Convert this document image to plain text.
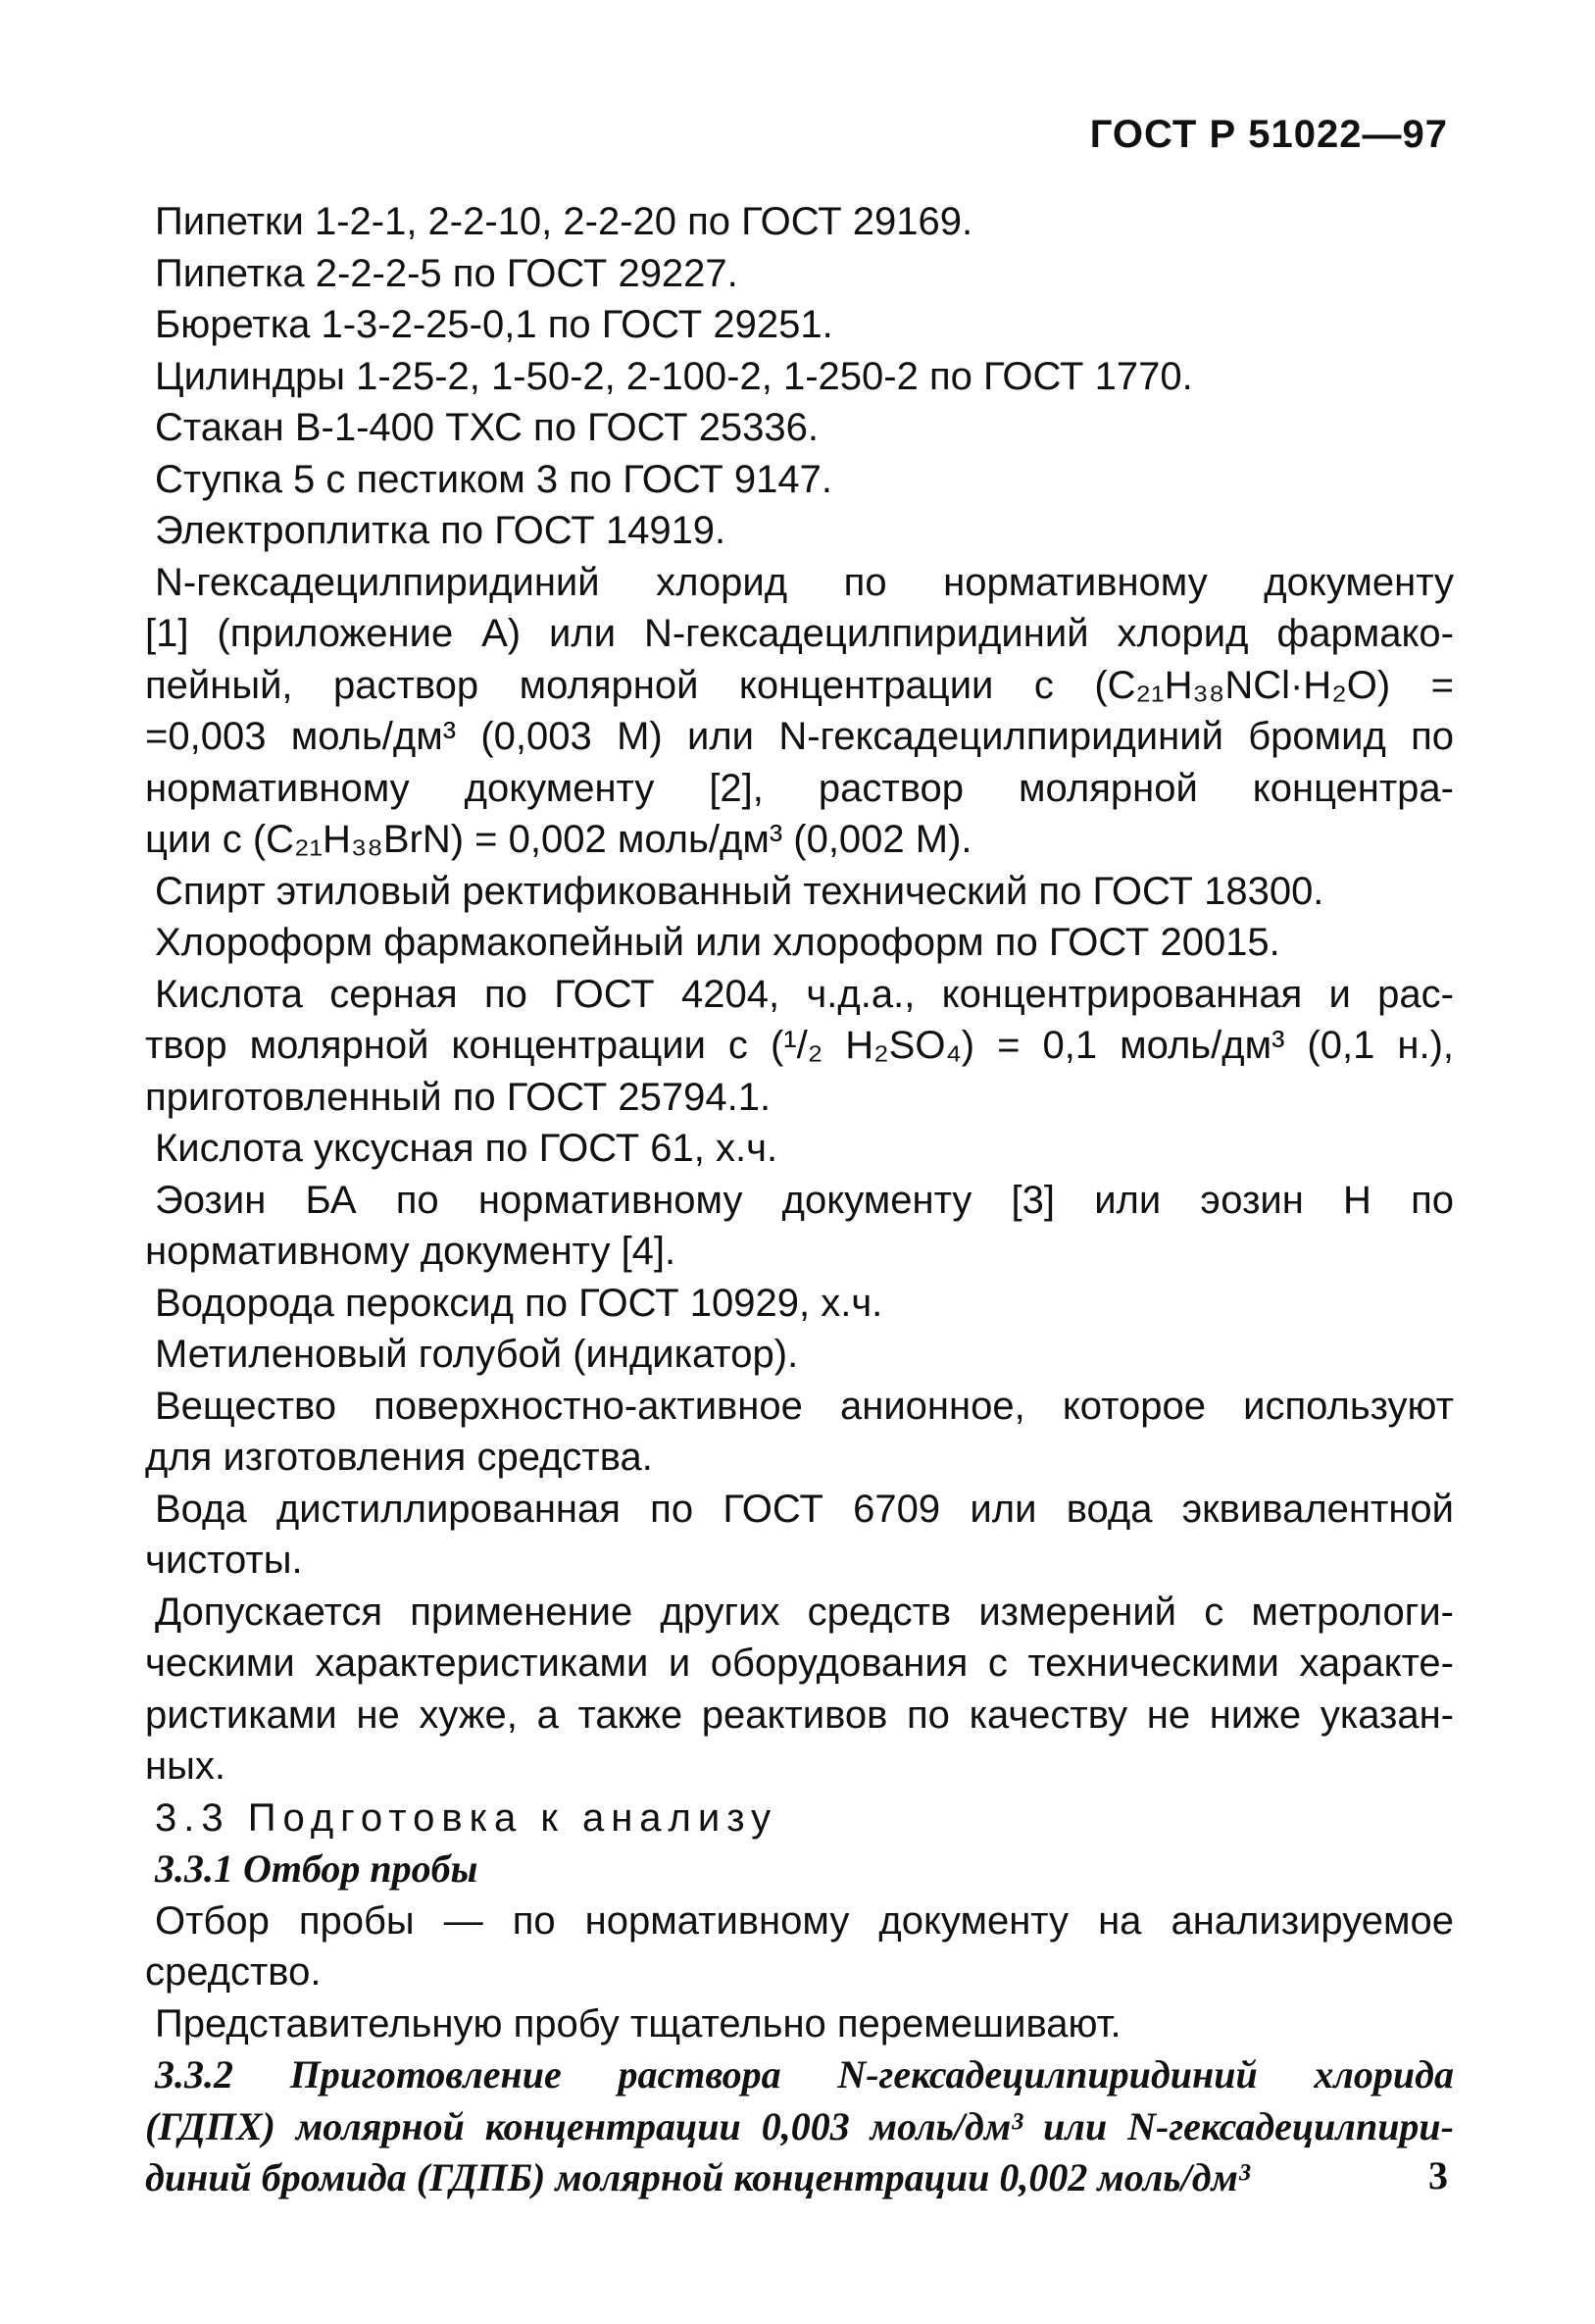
ГОСТ Р 51022—97
Пипетки 1-2-1, 2-2-10, 2-2-20 по ГОСТ 29169.
Пипетка 2-2-2-5 по ГОСТ 29227.
Бюретка 1-3-2-25-0,1 по ГОСТ 29251.
Цилиндры 1-25-2, 1-50-2, 2-100-2, 1-250-2 по ГОСТ 1770.
Стакан В-1-400 ТХС по ГОСТ 25336.
Ступка 5 с пестиком 3 по ГОСТ 9147.
Электроплитка по ГОСТ 14919.
N-гексадецилпиридиний хлорид по нормативному документу
[1] (приложение А) или N-гексадецилпиридиний хлорид фармако-
пейный, раствор молярной концентрации с (C₂₁H₃₈NCl·H₂O) =
=0,003 моль/дм³ (0,003 М) или N-гексадецилпиридиний бромид по
нормативному документу [2], раствор молярной концентра-
ции с (C₂₁H₃₈BrN) = 0,002 моль/дм³ (0,002 М).
Спирт этиловый ректификованный технический по ГОСТ 18300.
Хлороформ фармакопейный или хлороформ по ГОСТ 20015.
Кислота серная по ГОСТ 4204, ч.д.а., концентрированная и рас-
твор молярной концентрации с (¹/₂ H₂SO₄) = 0,1 моль/дм³ (0,1 н.),
приготовленный по ГОСТ 25794.1.
Кислота уксусная по ГОСТ 61, х.ч.
Эозин БА по нормативному документу [3] или эозин Н по
нормативному документу [4].
Водорода пероксид по ГОСТ 10929, х.ч.
Метиленовый голубой (индикатор).
Вещество поверхностно-активное анионное, которое используют
для изготовления средства.
Вода дистиллированная по ГОСТ 6709 или вода эквивалентной
чистоты.
Допускается применение других средств измерений с метрологи-
ческими характеристиками и оборудования с техническими характе-
ристиками не хуже, а также реактивов по качеству не ниже указан-
ных.
3.3 Подготовка к анализу
3.3.1 Отбор пробы
Отбор пробы — по нормативному документу на анализируемое
средство.
Представительную пробу тщательно перемешивают.
3.3.2 Приготовление раствора N-гексадецилпиридиний хлорида
(ГДПХ) молярной концентрации 0,003 моль/дм³ или N-гексадецилпири-
диний бромида (ГДПБ) молярной концентрации 0,002 моль/дм³	3
